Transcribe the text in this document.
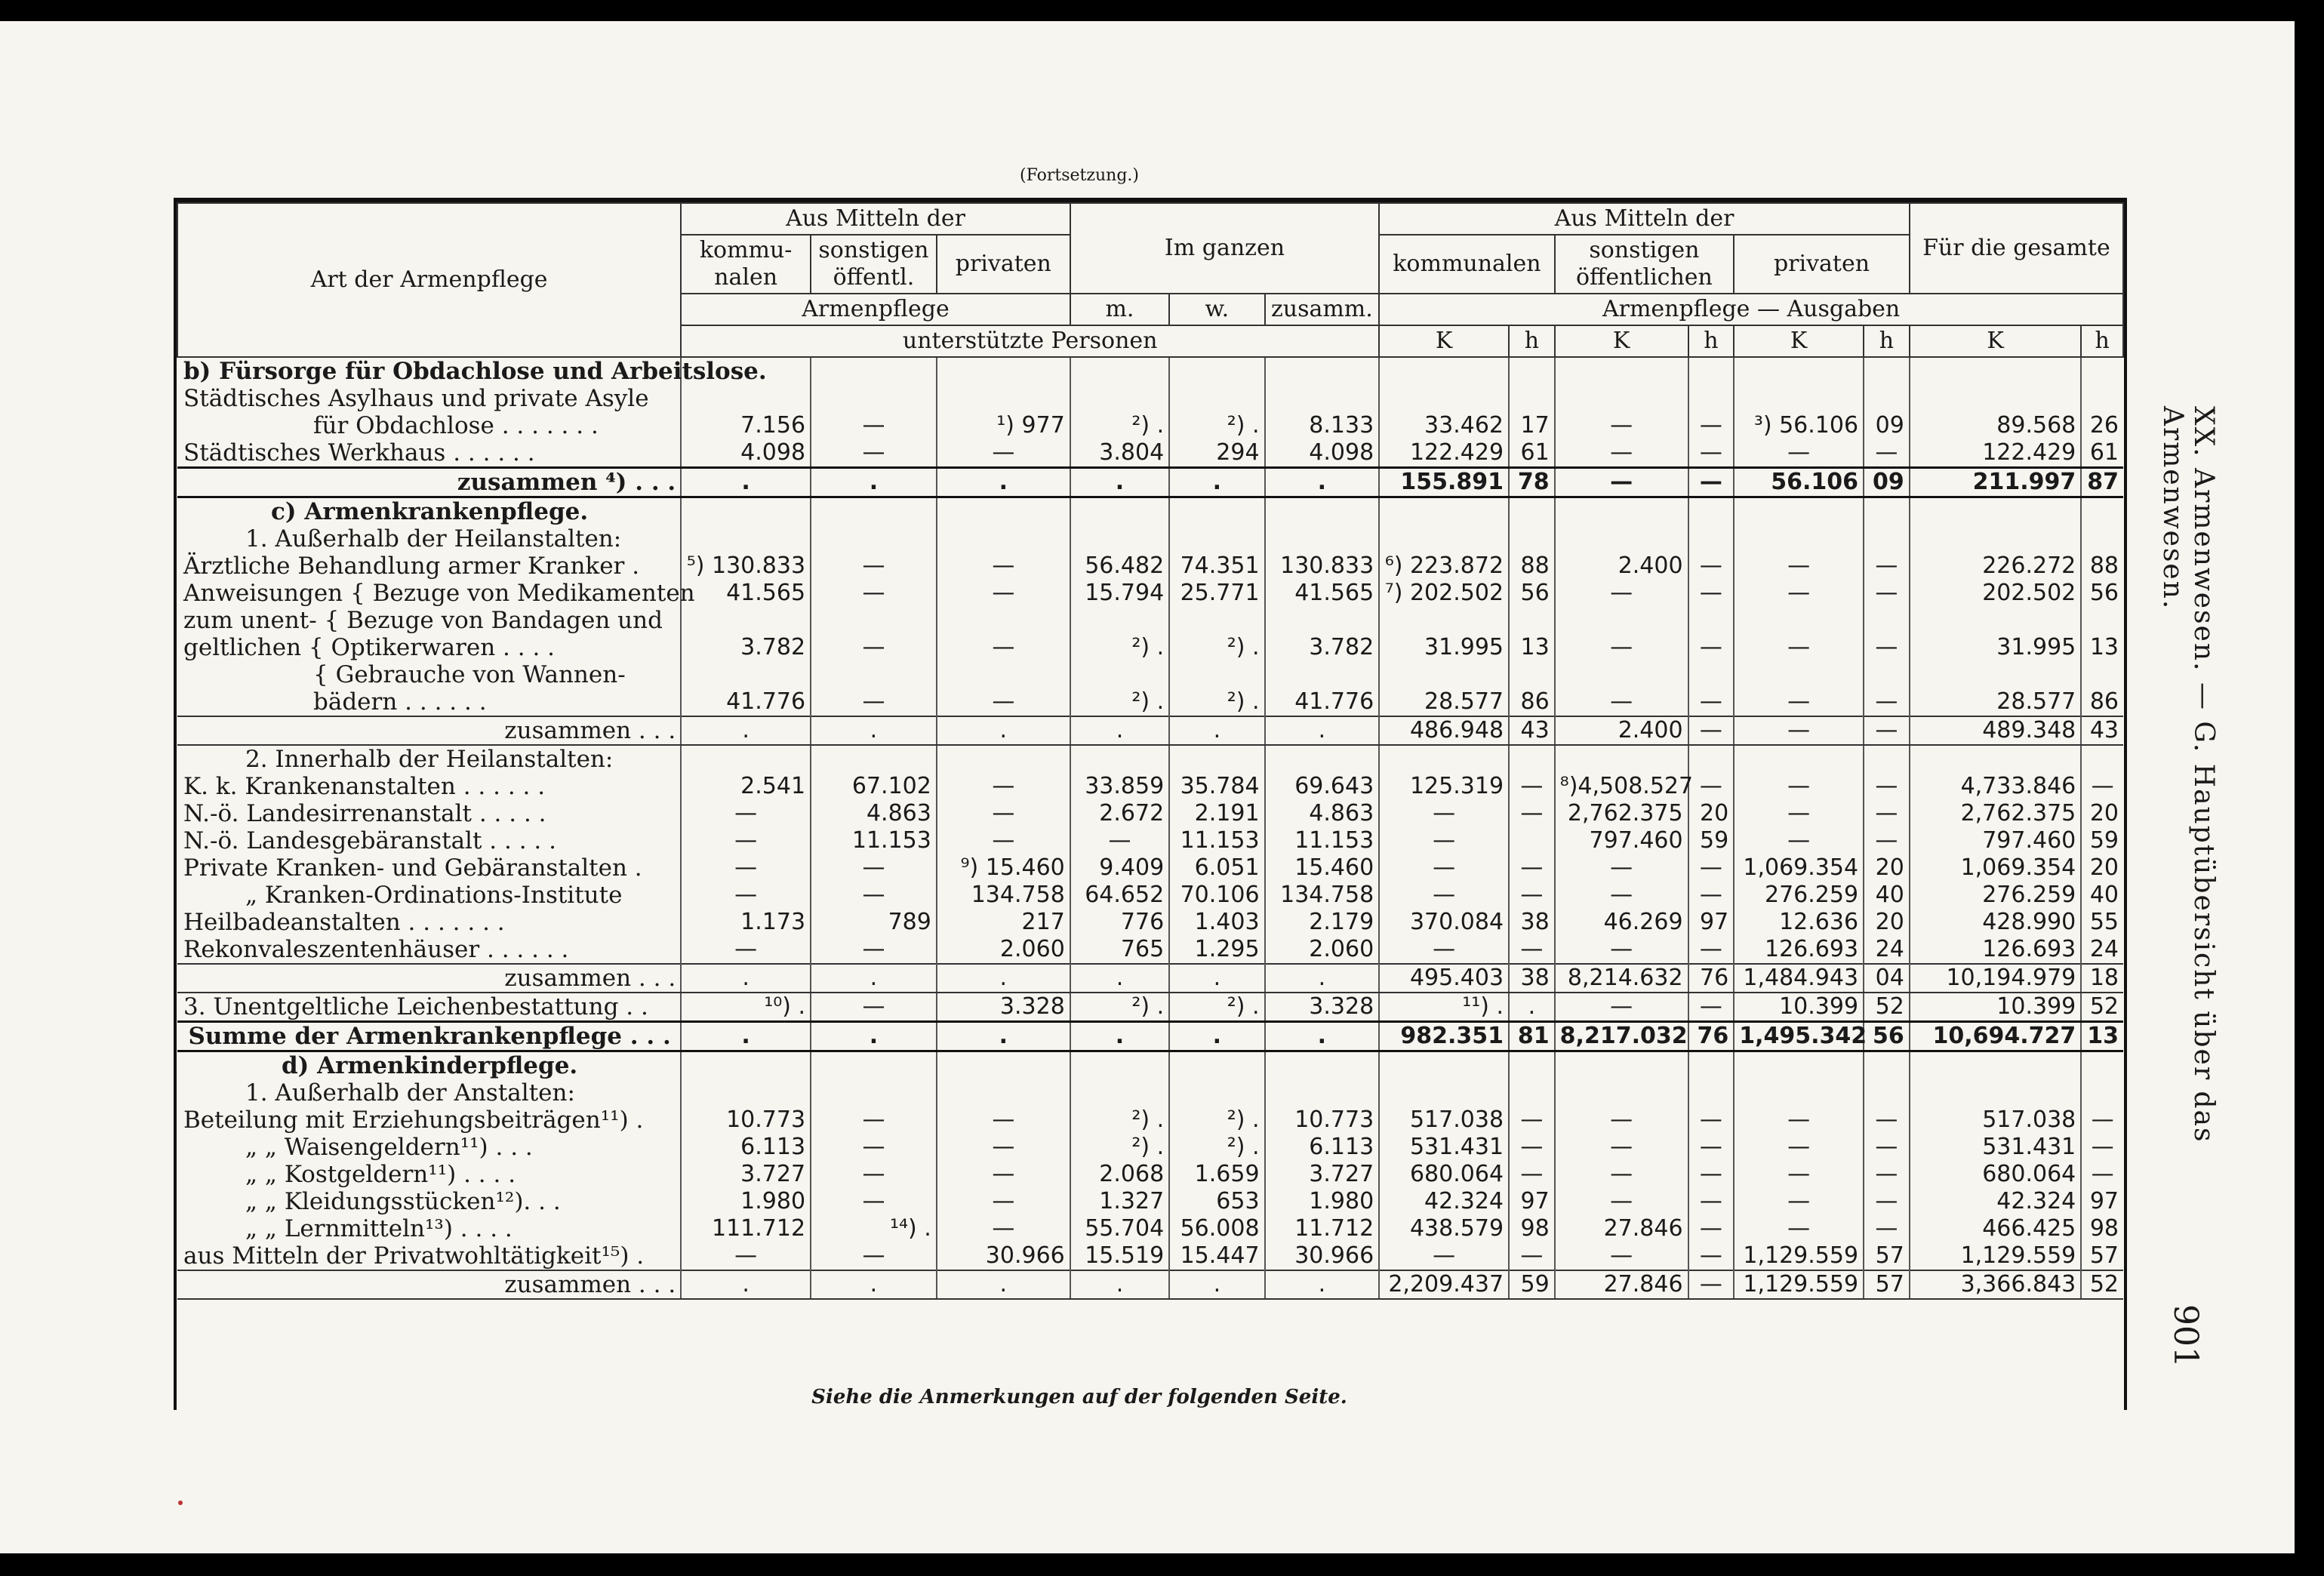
(Fortsetzung.)
Art der Armenpflege	Aus Mitteln der			Im ganzen			Aus Mitteln der						Für die gesamte	
	kommu-nalen	sonstigen öffentl.	privaten				kommunalen		sonstigen öffentlichen		privaten			
	Armenpflege			m.	w.	zusamm.	Armenpflege — Ausgaben							
	unterstützte Personen						K	h	K	h	K	h	K	h
b) Fürsorge für Obdachlose und Arbeitslose.														
Städtisches Asylhaus und private Asyle														
für Obdachlose . . . . . . .	7.156	—	¹) 977	²) .	²) .	8.133	33.462	17	—	—	³) 56.106	09	89.568	26
Städtisches Werkhaus . . . . . .	4.098	—	—	3.804	294	4.098	122.429	61	—	—	—	—	122.429	61
zusammen ⁴) . . .	.	.	.	.	.	.	155.891	78	—	—	56.106	09	211.997	87
c) Armenkrankenpflege.														
1. Außerhalb der Heilanstalten:														
Ärztliche Behandlung armer Kranker .	⁵) 130.833	—	—	56.482	74.351	130.833	⁶) 223.872	88	2.400	—	—	—	226.272	88
Anweisungen { Bezuge von Medikamenten	41.565	—	—	15.794	25.771	41.565	⁷) 202.502	56	—	—	—	—	202.502	56
zum unent- { Bezuge von Bandagen und														
geltlichen { Optikerwaren . . . .	3.782	—	—	²) .	²) .	3.782	31.995	13	—	—	—	—	31.995	13
{ Gebrauche von Wannen-														
bädern . . . . . .	41.776	—	—	²) .	²) .	41.776	28.577	86	—	—	—	—	28.577	86
zusammen . . .	.	.	.	.	.	.	486.948	43	2.400	—	—	—	489.348	43
2. Innerhalb der Heilanstalten:														
K. k. Krankenanstalten . . . . . .	2.541	67.102	—	33.859	35.784	69.643	125.319	—	⁸)4,508.527	—	—	—	4,733.846	—
N.-ö. Landesirrenanstalt . . . . .	—	4.863	—	2.672	2.191	4.863	—	—	2,762.375	20	—	—	2,762.375	20
N.-ö. Landesgebäranstalt . . . . .	—	11.153	—	—	11.153	11.153	—		797.460	59	—	—	797.460	59
Private Kranken- und Gebäranstalten .	—	—	⁹) 15.460	9.409	6.051	15.460	—	—	—	—	1,069.354	20	1,069.354	20
„ Kranken-Ordinations-Institute	—	—	134.758	64.652	70.106	134.758	—	—	—	—	276.259	40	276.259	40
Heilbadeanstalten . . . . . . .	1.173	789	217	776	1.403	2.179	370.084	38	46.269	97	12.636	20	428.990	55
Rekonvaleszentenhäuser . . . . . .	—	—	2.060	765	1.295	2.060	—	—	—	—	126.693	24	126.693	24
zusammen . . .	.	.	.	.	.	.	495.403	38	8,214.632	76	1,484.943	04	10,194.979	18
3. Unentgeltliche Leichenbestattung . .	¹⁰) .	—	3.328	²) .	²) .	3.328	¹¹) .	.	—	—	10.399	52	10.399	52
Summe der Armenkrankenpflege . . .	.	.	.	.	.	.	982.351	81	8,217.032	76	1,495.342	56	10,694.727	13
d) Armenkinderpflege.														
1. Außerhalb der Anstalten:														
Beteilung mit Erziehungsbeiträgen¹¹) .	10.773	—	—	²) .	²) .	10.773	517.038	—	—	—	—	—	517.038	—
„ „ Waisengeldern¹¹) . . .	6.113	—	—	²) .	²) .	6.113	531.431	—	—	—	—	—	531.431	—
„ „ Kostgeldern¹¹) . . . .	3.727	—	—	2.068	1.659	3.727	680.064	—	—	—	—	—	680.064	—
„ „ Kleidungsstücken¹²). . .	1.980	—	—	1.327	653	1.980	42.324	97	—	—	—	—	42.324	97
„ „ Lernmitteln¹³) . . . .	111.712	¹⁴) .	—	55.704	56.008	11.712	438.579	98	27.846	—	—	—	466.425	98
aus Mitteln der Privatwohltätigkeit¹⁵) .	—	—	30.966	15.519	15.447	30.966	—	—	—	—	1,129.559	57	1,129.559	57
zusammen . . .	.	.	.	.	.	.	2,209.437	59	27.846	—	1,129.559	57	3,366.843	52
Siehe die Anmerkungen auf der folgenden Seite.
XX. Armenwesen. — G. Hauptübersicht über das Armenwesen.
901
